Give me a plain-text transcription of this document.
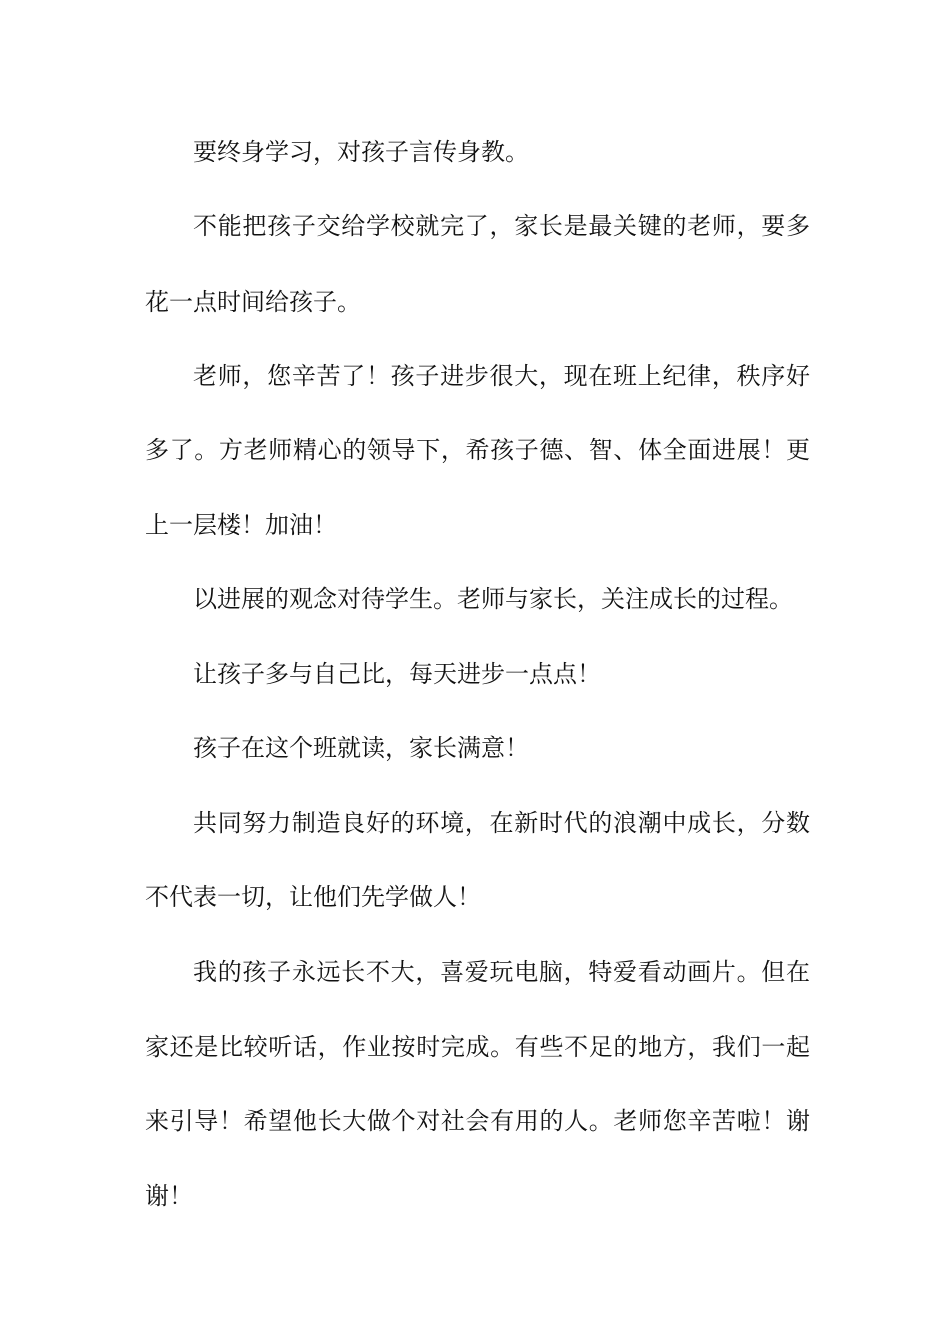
要终身学习，对孩子言传身教。
不能把孩子交给学校就完了，家长是最关键的老师，要多
花一点时间给孩子。
老师，您辛苦了！孩子进步很大，现在班上纪律，秩序好
多了。方老师精心的领导下，希孩子德、智、体全面进展！更
上一层楼！加油！
以进展的观念对待学生。老师与家长，关注成长的过程。
让孩子多与自己比，每天进步一点点！
孩子在这个班就读，家长满意！
共同努力制造良好的环境，在新时代的浪潮中成长，分数
不代表一切，让他们先学做人！
我的孩子永远长不大，喜爱玩电脑，特爱看动画片。但在
家还是比较听话，作业按时完成。有些不足的地方，我们一起
来引导！希望他长大做个对社会有用的人。老师您辛苦啦！谢
谢！
